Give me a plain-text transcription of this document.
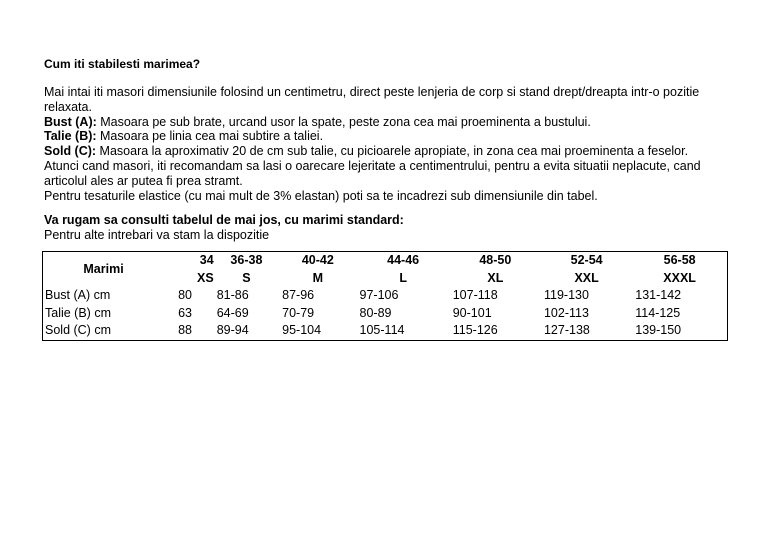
Cum iti stabilesti marimea?
Mai intai iti masori dimensiunile folosind un centimetru, direct peste lenjeria de corp si stand drept/dreapta intr-o pozitie
relaxata.
Bust (A): Masoara pe sub brate, urcand usor la spate, peste zona cea mai proeminenta a bustului.
Talie (B): Masoara pe linia cea mai subtire a taliei.
Sold (C): Masoara la aproximativ 20 de cm sub talie, cu picioarele apropiate, in zona cea mai proeminenta a feselor.
Atunci cand masori, iti recomandam sa lasi o oarecare lejeritate a centimentrului, pentru a evita situatii neplacute, cand
articolul ales ar putea fi prea stramt.
Pentru tesaturile elastice (cu mai mult de 3% elastan) poti sa te incadrezi sub dimensiunile din tabel.
Va rugam sa consulti tabelul de mai jos, cu marimi standard:
Pentru alte intrebari va stam la dispozitie
Marimi	34	36-38	40-42	44-46	48-50	52-54	56-58
	XS	S	M	L	XL	XXL	XXXL
Bust (A) cm	80	81-86	87-96	97-106	107-118	119-130	131-142
Talie (B) cm	63	64-69	70-79	80-89	90-101	102-113	114-125
Sold (C) cm	88	89-94	95-104	105-114	115-126	127-138	139-150
